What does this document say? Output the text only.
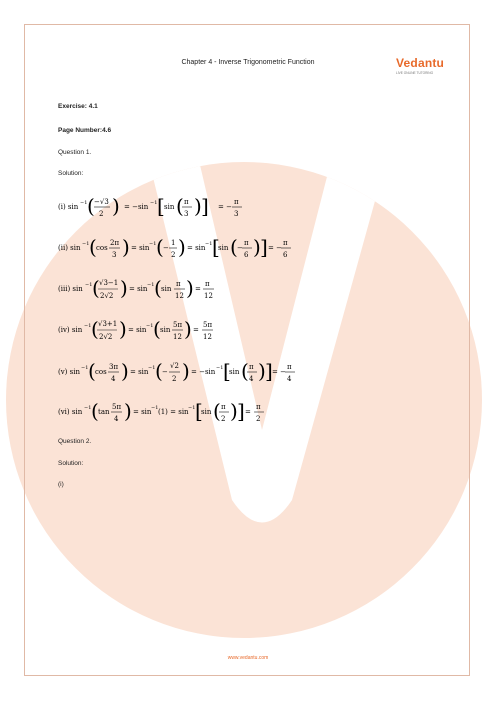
Chapter 4 - Inverse Trigonometric Function	Vedantu
LIVE ONLINE TUTORING
Exercise: 4.1
Page Number:4.6
Question 1.
Solution:
(i) sin −1 ( −√3
2 ) = −sin −1 [ sin ( π
3 ) ] = −
π
3
(ii) sin −1 ( cos
2π
3 ) = sin −1 ( −
1
2 ) = sin −1 [
sin ( −
π
6 ) ] = −
π
6
(iii) sin −1 ( √3−1
2√2 ) = sin −1 ( sin
π
12 ) =
π
12
(iv) sin −1 ( √3+1
2√2 ) = sin −1 ( sin
5π
12 ) =
5π
12
(v) sin −1 ( cos
3π
4 ) = sin −1 ( −
√2
2 ) = −sin −1 [
sin ( π
4 ) ] = −
π
4
(vi) sin −1 ( tan
5π
4 ) = sin −1 (1) = sin −1 [
sin ( π
2 ) ] =
π
2
Question 2.
Solution:
(i)
www.vedantu.com
